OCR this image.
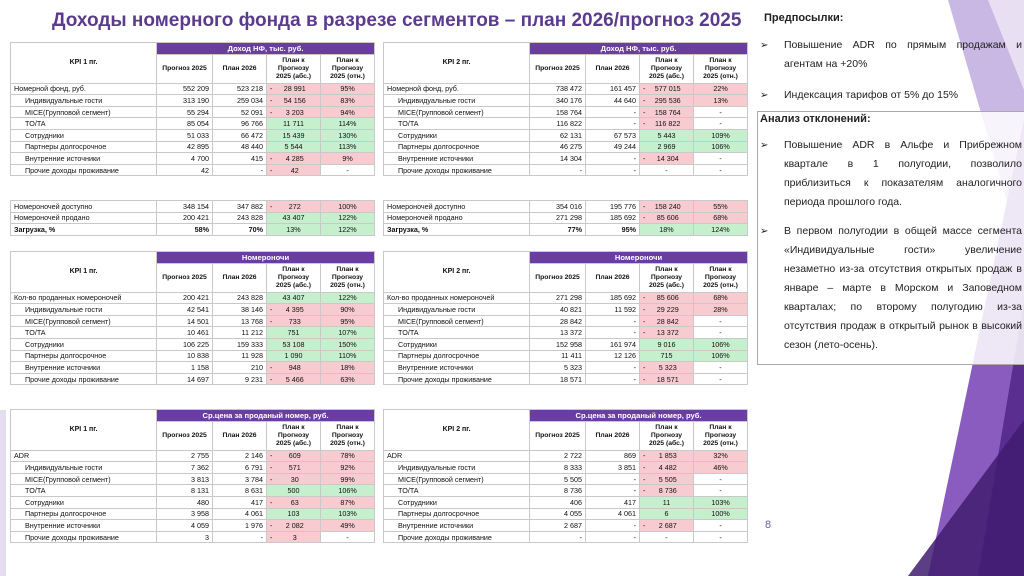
Доходы номерного фонда в разрезе сегментов – план 2026/прогноз 2025 Предпосылки:
➢ Повышение ADR по прямым продажам и агентам на +20%
➢ Индексация тарифов от 5% до 15%
Анализ отклонений:
➢ Повышение ADR в Альфе и Прибрежном квартале в 1 полугодии, позволило приблизиться к показателям аналогичного периода прошлого года.
➢ В первом полугодии в общей массе сегмента «Индивидуальные гости» увеличение незаметно из-за отсутствия открытых продаж в январе – марте в Морском и Заповедном кварталах; по второму полугодию из-за отсутствия продаж в открытый рынок в высокий сезон (лето-осень).
8
KPI 1 пг.	Доход НФ, тыс. руб.			
	Прогноз 2025	План 2026	План к Прогнозу 2025 (абс.)	План к Прогнозу 2025 (отн.)
Номерной фонд, руб.	552 209	523 218	- 28 991	95%
Индивидуальные гости	313 190	259 034	- 54 156	83%
MICE(Групповой сегмент)	55 294	52 091	- 3 203	94%
TO/TA	85 054	96 766	11 711	114%
Сотрудники	51 033	66 472	15 439	130%
Партнеры долгосрочное	42 895	48 440	5 544	113%
Внутренние источники	4 700	415	- 4 285	9%
Прочие доходы проживание	42	-	- 42	-
KPI 2 пг.	Доход НФ, тыс. руб.			
	Прогноз 2025	План 2026	План к Прогнозу 2025 (абс.)	План к Прогнозу 2025 (отн.)
Номерной фонд, руб.	738 472	161 457	- 577 015	22%
Индивидуальные гости	340 176	44 640	- 295 536	13%
MICE(Групповой сегмент)	158 764	-	- 158 764	-
TO/TA	116 822	-	- 116 822	-
Сотрудники	62 131	67 573	5 443	109%
Партнеры долгосрочное	46 275	49 244	2 969	106%
Внутренние источники	14 304	-	- 14 304	-
Прочие доходы проживание	-	-	-	-
Номероночей доступно	348 154	347 882	- 272	100%
Номероночей продано	200 421	243 828	43 407	122%
Загрузка, %	58%	70%	13%	122%
Номероночей доступно	354 016	195 776	- 158 240	55%
Номероночей продано	271 298	185 692	- 85 606	68%
Загрузка, %	77%	95%	18%	124%
KPI 1 пг.	Номероночи			
	Прогноз 2025	План 2026	План к Прогнозу 2025 (абс.)	План к Прогнозу 2025 (отн.)
Кол-во проданных номероночей	200 421	243 828	43 407	122%
Индивидуальные гости	42 541	38 146	- 4 395	90%
MICE(Групповой сегмент)	14 501	13 768	- 733	95%
TO/TA	10 461	11 212	751	107%
Сотрудники	106 225	159 333	53 108	150%
Партнеры долгосрочное	10 838	11 928	1 090	110%
Внутренние источники	1 158	210	- 948	18%
Прочие доходы проживание	14 697	9 231	- 5 466	63%
KPI 2 пг.	Номероночи			
	Прогноз 2025	План 2026	План к Прогнозу 2025 (абс.)	План к Прогнозу 2025 (отн.)
Кол-во проданных номероночей	271 298	185 692	- 85 606	68%
Индивидуальные гости	40 821	11 592	- 29 229	28%
MICE(Групповой сегмент)	28 842	-	- 28 842	-
TO/TA	13 372	-	- 13 372	-
Сотрудники	152 958	161 974	9 016	106%
Партнеры долгосрочное	11 411	12 126	715	106%
Внутренние источники	5 323	-	- 5 323	-
Прочие доходы проживание	18 571	-	- 18 571	-
KPI 1 пг.	Ср.цена за проданый номер, руб.			
	Прогноз 2025	План 2026	План к Прогнозу 2025 (абс.)	План к Прогнозу 2025 (отн.)
ADR	2 755	2 146	- 609	78%
Индивидуальные гости	7 362	6 791	- 571	92%
MICE(Групповой сегмент)	3 813	3 784	- 30	99%
TO/TA	8 131	8 631	500	106%
Сотрудники	480	417	- 63	87%
Партнеры долгосрочное	3 958	4 061	103	103%
Внутренние источники	4 059	1 976	- 2 082	49%
Прочие доходы проживание	3	-	- 3	-
KPI 2 пг.	Ср.цена за проданый номер, руб.			
	Прогноз 2025	План 2026	План к Прогнозу 2025 (абс.)	План к Прогнозу 2025 (отн.)
ADR	2 722	869	- 1 853	32%
Индивидуальные гости	8 333	3 851	- 4 482	46%
MICE(Групповой сегмент)	5 505	-	- 5 505	-
TO/TA	8 736	-	- 8 736	-
Сотрудники	406	417	11	103%
Партнеры долгосрочное	4 055	4 061	6	100%
Внутренние источники	2 687	-	- 2 687	-
Прочие доходы проживание	-	-	-	-
